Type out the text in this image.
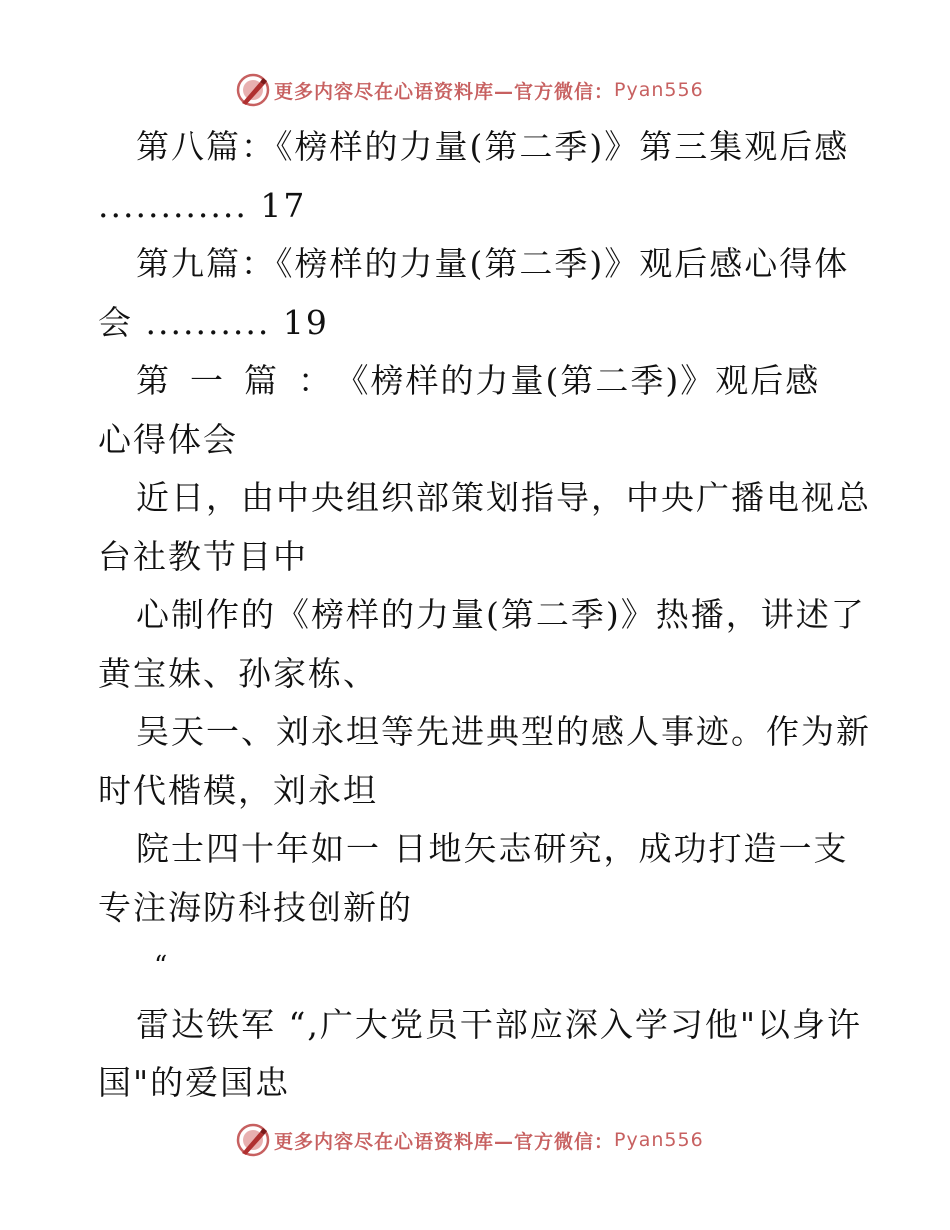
更多内容尽在心语资料库—官方微信： Pyan556
第八篇：《榜样的力量(第二季)》第三集观后感
............ 17
第九篇：《榜样的力量(第二季)》观后感心得体
会 .......... 19
第一篇：《榜样的力量(第二季)》观后感
心得体会
近日，由中央组织部策划指导，中央广播电视总
台社教节目中
心制作的《榜样的力量(第二季)》热播，讲述了
黄宝妹、孙家栋、
吴天一、刘永坦等先进典型的感人事迹。作为新
时代楷模，刘永坦
院士四十年如一 日地矢志研究，成功打造一支
专注海防科技创新的
“
雷达铁军 “,广大党员干部应深入学习他"以身许
国"的爱国忠
更多内容尽在心语资料库—官方微信： Pyan556
